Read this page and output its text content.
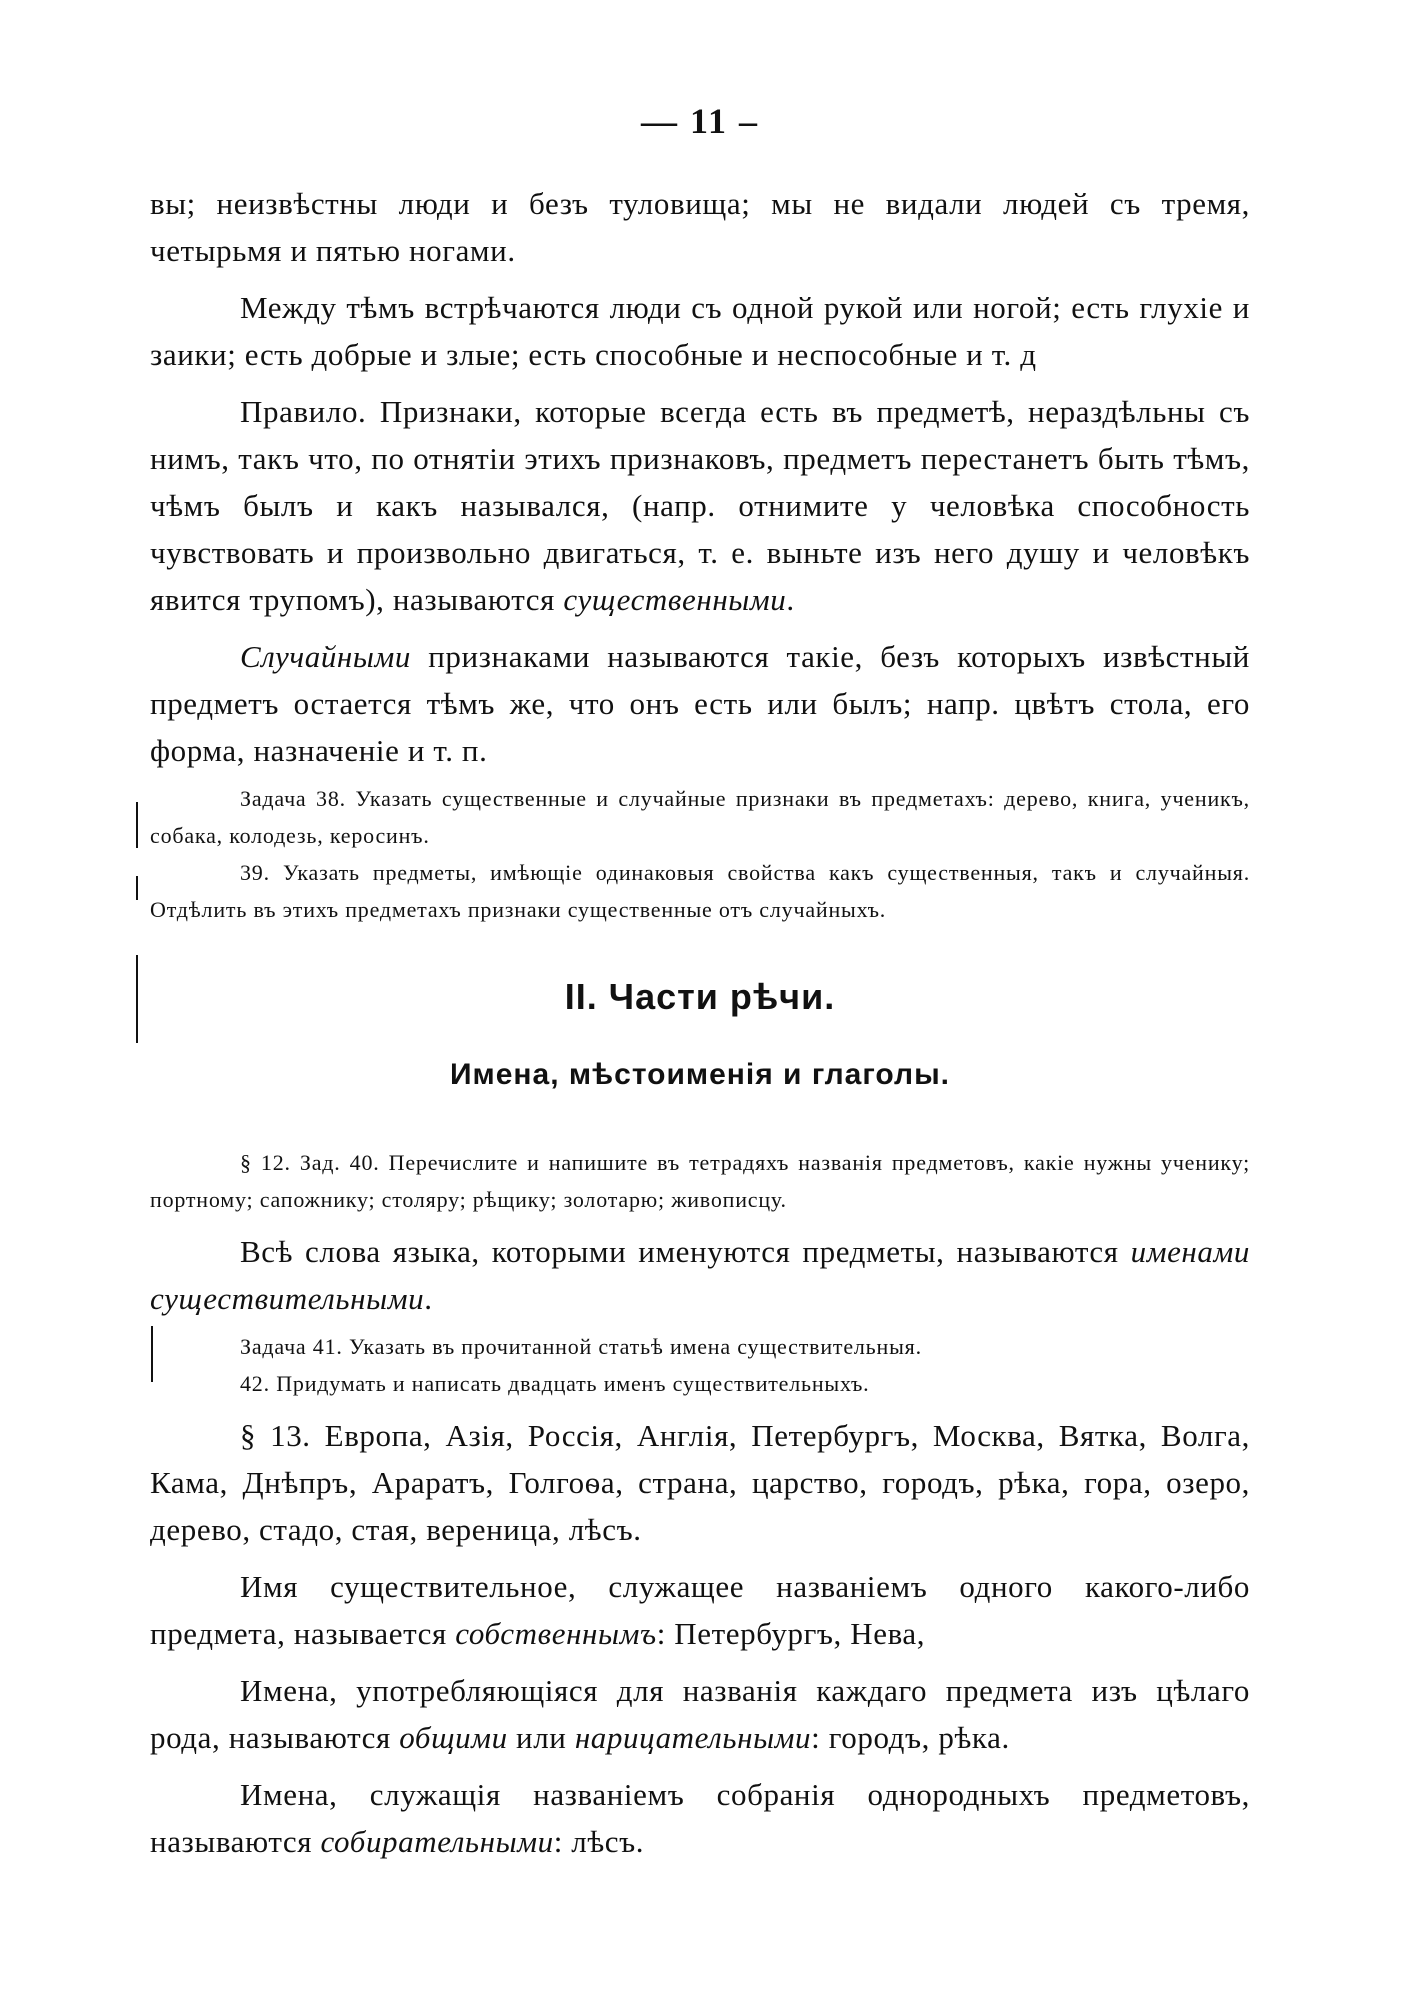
— 11 –

вы; неизвѣстны люди и безъ туловища; мы не видали людей съ тремя, четырьмя и пятью ногами.

Между тѣмъ встрѣчаются люди съ одной рукой или ногой; есть глухіе и заики; есть добрые и злые; есть способные и неспособные и т. д

Правило. Признаки, которые всегда есть въ предметѣ, нераздѣльны съ нимъ, такъ что, по отнятіи этихъ признаковъ, предметъ перестанетъ быть тѣмъ, чѣмъ былъ и какъ назывался, (напр. отнимите у человѣка способность чувствовать и произвольно двигаться, т. е. выньте изъ него душу и человѣкъ явится трупомъ), называются существенными.

Случайными признаками называются такіе, безъ которыхъ извѣстный предметъ остается тѣмъ же, что онъ есть или былъ; напр. цвѣтъ стола, его форма, назначеніе и т. п.

Задача 38. Указать существенные и случайные признаки въ предметахъ: дерево, книга, ученикъ, собака, колодезь, керосинъ.

39. Указать предметы, имѣющіе одинаковыя свойства какъ существенныя, такъ и случайныя. Отдѣлить въ этихъ предметахъ признаки существенные отъ случайныхъ.

II. Части рѣчи.
Имена, мѣстоименія и глаголы.

§ 12. Зад. 40. Перечислите и напишите въ тетрадяхъ названія предметовъ, какіе нужны ученику; портному; сапожнику; столяру; рѣщику; золотарю; живописцу.

Всѣ слова языка, которыми именуются предметы, называются именами существительными.

Задача 41. Указать въ прочитанной статьѣ имена существительныя.

42. Придумать и написать двадцать именъ существительныхъ.

§ 13. Европа, Азія, Россія, Англія, Петербургъ, Москва, Вятка, Волга, Кама, Днѣпръ, Араратъ, Голгоѳа, страна, царство, городъ, рѣка, гора, озеро, дерево, стадо, стая, вереница, лѣсъ.

Имя существительное, служащее названіемъ одного какого-либо предмета, называется собственнымъ: Петербургъ, Нева,

Имена, употребляющіяся для названія каждаго предмета изъ цѣлаго рода, называются общими или нарицательными: городъ, рѣка.

Имена, служащія названіемъ собранія однородныхъ предметовъ, называются собирательными: лѣсъ.
